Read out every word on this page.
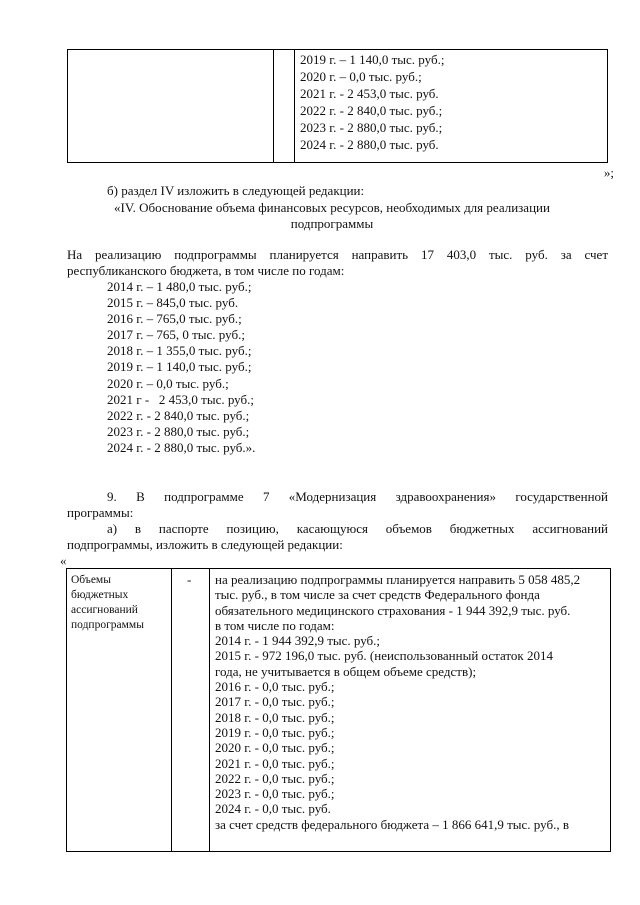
2019 г. – 1 140,0 тыс. руб.;
2020 г. – 0,0 тыс. руб.;
2021 г. - 2 453,0 тыс. руб.
2022 г. - 2 840,0 тыс. руб.;
2023 г. - 2 880,0 тыс. руб.;
2024 г. - 2 880,0 тыс. руб.
»;
б) раздел IV изложить в следующей редакции:
«IV. Обоснование объема финансовых ресурсов, необходимых для реализации
подпрограммы
На реализацию подпрограммы планируется направить 17 403,0 тыс. руб. за счет
республиканского бюджета, в том числе по годам:
2014 г. – 1 480,0 тыс. руб.;
2015 г. – 845,0 тыс. руб.
2016 г. – 765,0 тыс. руб.;
2017 г. – 765, 0 тыс. руб.;
2018 г. – 1 355,0 тыс. руб.;
2019 г. – 1 140,0 тыс. руб.;
2020 г. – 0,0 тыс. руб.;
2021 г -   2 453,0 тыс. руб.;
2022 г. - 2 840,0 тыс. руб.;
2023 г. - 2 880,0 тыс. руб.;
2024 г. - 2 880,0 тыс. руб.».
9. В подпрограмме 7 «Модернизация здравоохранения» государственной
программы:
а) в паспорте позицию, касающуюся объемов бюджетных ассигнований
подпрограммы, изложить в следующей редакции:
«
Объемы бюджетных ассигнований подпрограммы
- на реализацию подпрограммы планируется направить 5 058 485,2
тыс. руб., в том числе за счет средств Федерального фонда
обязательного медицинского страхования - 1 944 392,9 тыс. руб.
в том числе по годам:
2014 г. - 1 944 392,9 тыс. руб.;
2015 г. - 972 196,0 тыс. руб. (неиспользованный остаток 2014
года, не учитывается в общем объеме средств);
2016 г. - 0,0 тыс. руб.;
2017 г. - 0,0 тыс. руб.;
2018 г. - 0,0 тыс. руб.;
2019 г. - 0,0 тыс. руб.;
2020 г. - 0,0 тыс. руб.;
2021 г. - 0,0 тыс. руб.;
2022 г. - 0,0 тыс. руб.;
2023 г. - 0,0 тыс. руб.;
2024 г. - 0,0 тыс. руб.
за счет средств федерального бюджета – 1 866 641,9 тыс. руб., в
